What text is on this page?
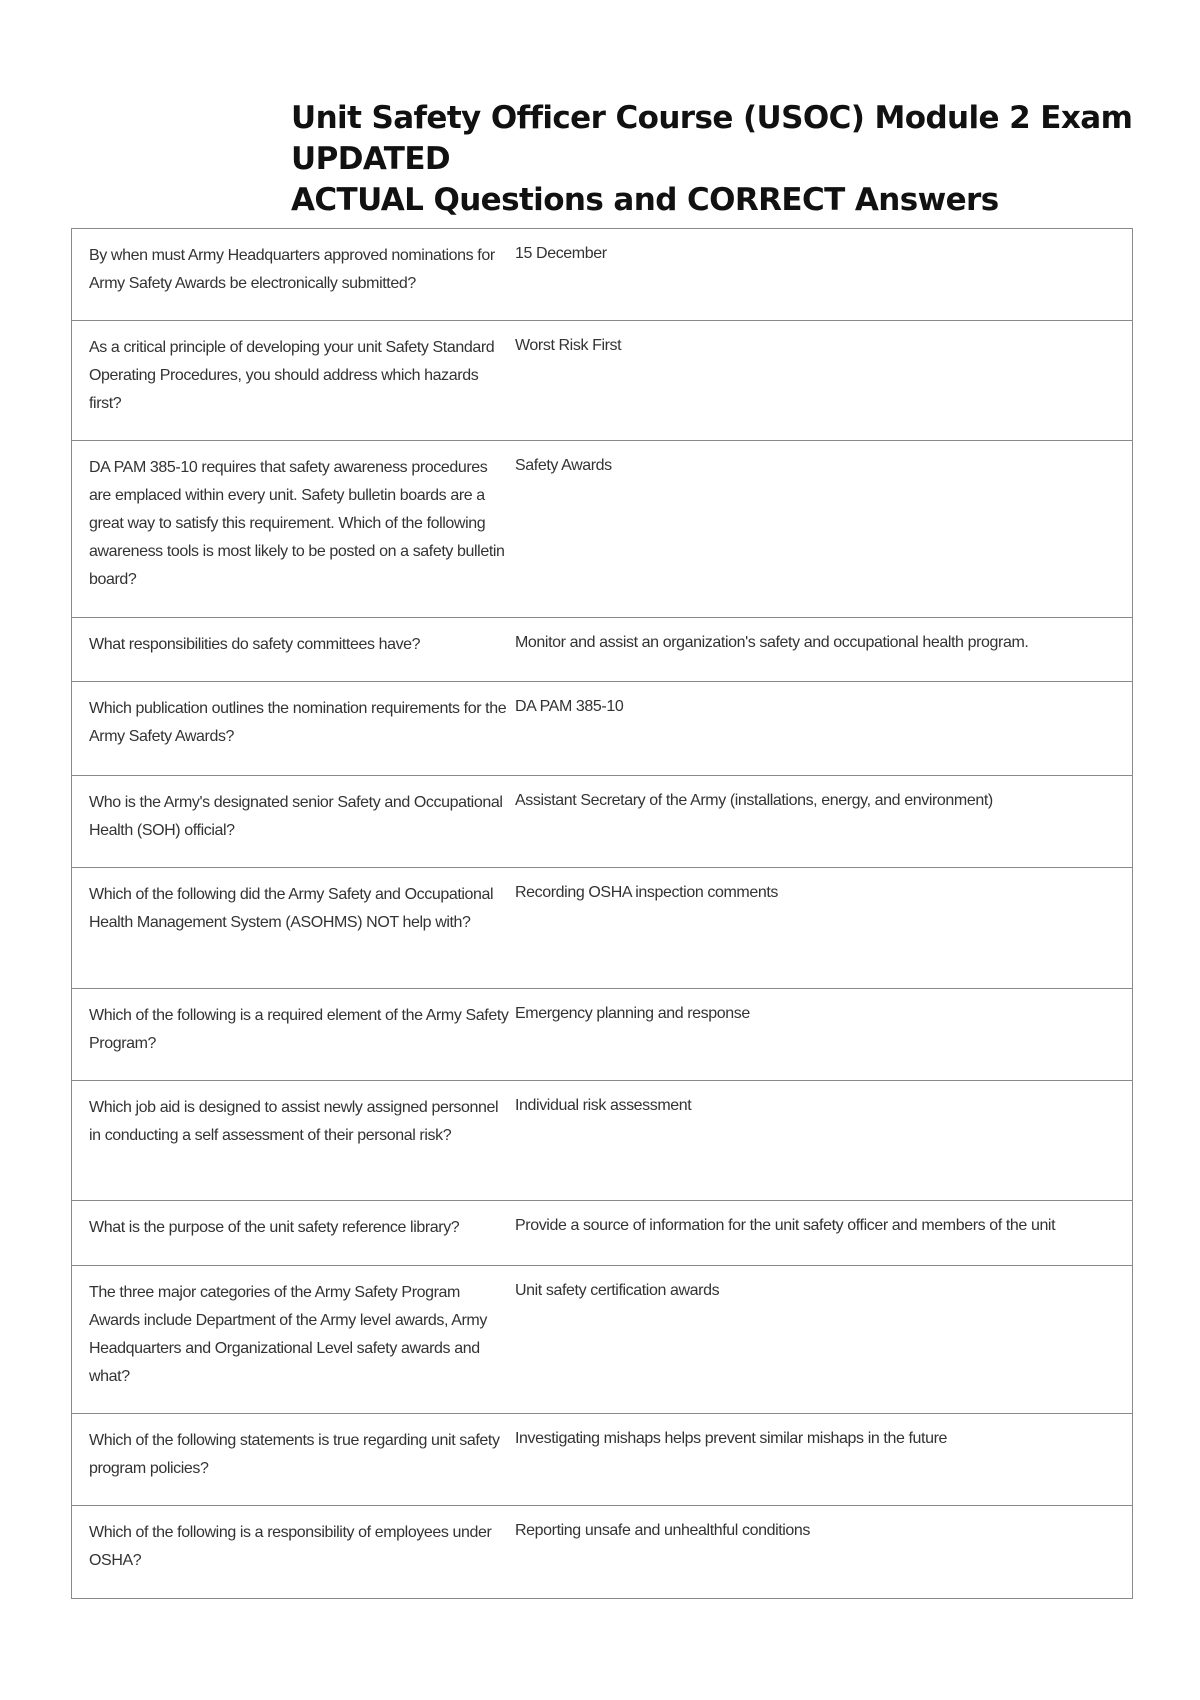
Unit Safety Officer Course (USOC) Module 2 Exam UPDATED
ACTUAL Questions and CORRECT Answers
By when must Army Headquarters approved nominations for Army Safety Awards be electronically submitted?
15 December
As a critical principle of developing your unit Safety Standard Operating Procedures, you should address which hazards first?
Worst Risk First
DA PAM 385-10 requires that safety awareness procedures are emplaced within every unit. Safety bulletin boards are a great way to satisfy this requirement. Which of the following awareness tools is most likely to be posted on a safety bulletin board?
Safety Awards
What responsibilities do safety committees have?	Monitor and assist an organization's safety and occupational health program.
Which publication outlines the nomination requirements for the Army Safety Awards?
DA PAM 385-10
Who is the Army's designated senior Safety and Occupational Health (SOH) official?
Assistant Secretary of the Army (installations, energy, and environment)
Which of the following did the Army Safety and Occupational Health Management System (ASOHMS) NOT help with?
Recording OSHA inspection comments
Which of the following is a required element of the Army Safety Program?
Emergency planning and response
Which job aid is designed to assist newly assigned personnel in conducting a self assessment of their personal risk?
Individual risk assessment
What is the purpose of the unit safety reference library?	Provide a source of information for the unit safety officer and members of the unit
The three major categories of the Army Safety Program Awards include Department of the Army level awards, Army Headquarters and Organizational Level safety awards and what?
Unit safety certification awards
Which of the following statements is true regarding unit safety program policies?
Investigating mishaps helps prevent similar mishaps in the future
Which of the following is a responsibility of employees under OSHA?
Reporting unsafe and unhealthful conditions
